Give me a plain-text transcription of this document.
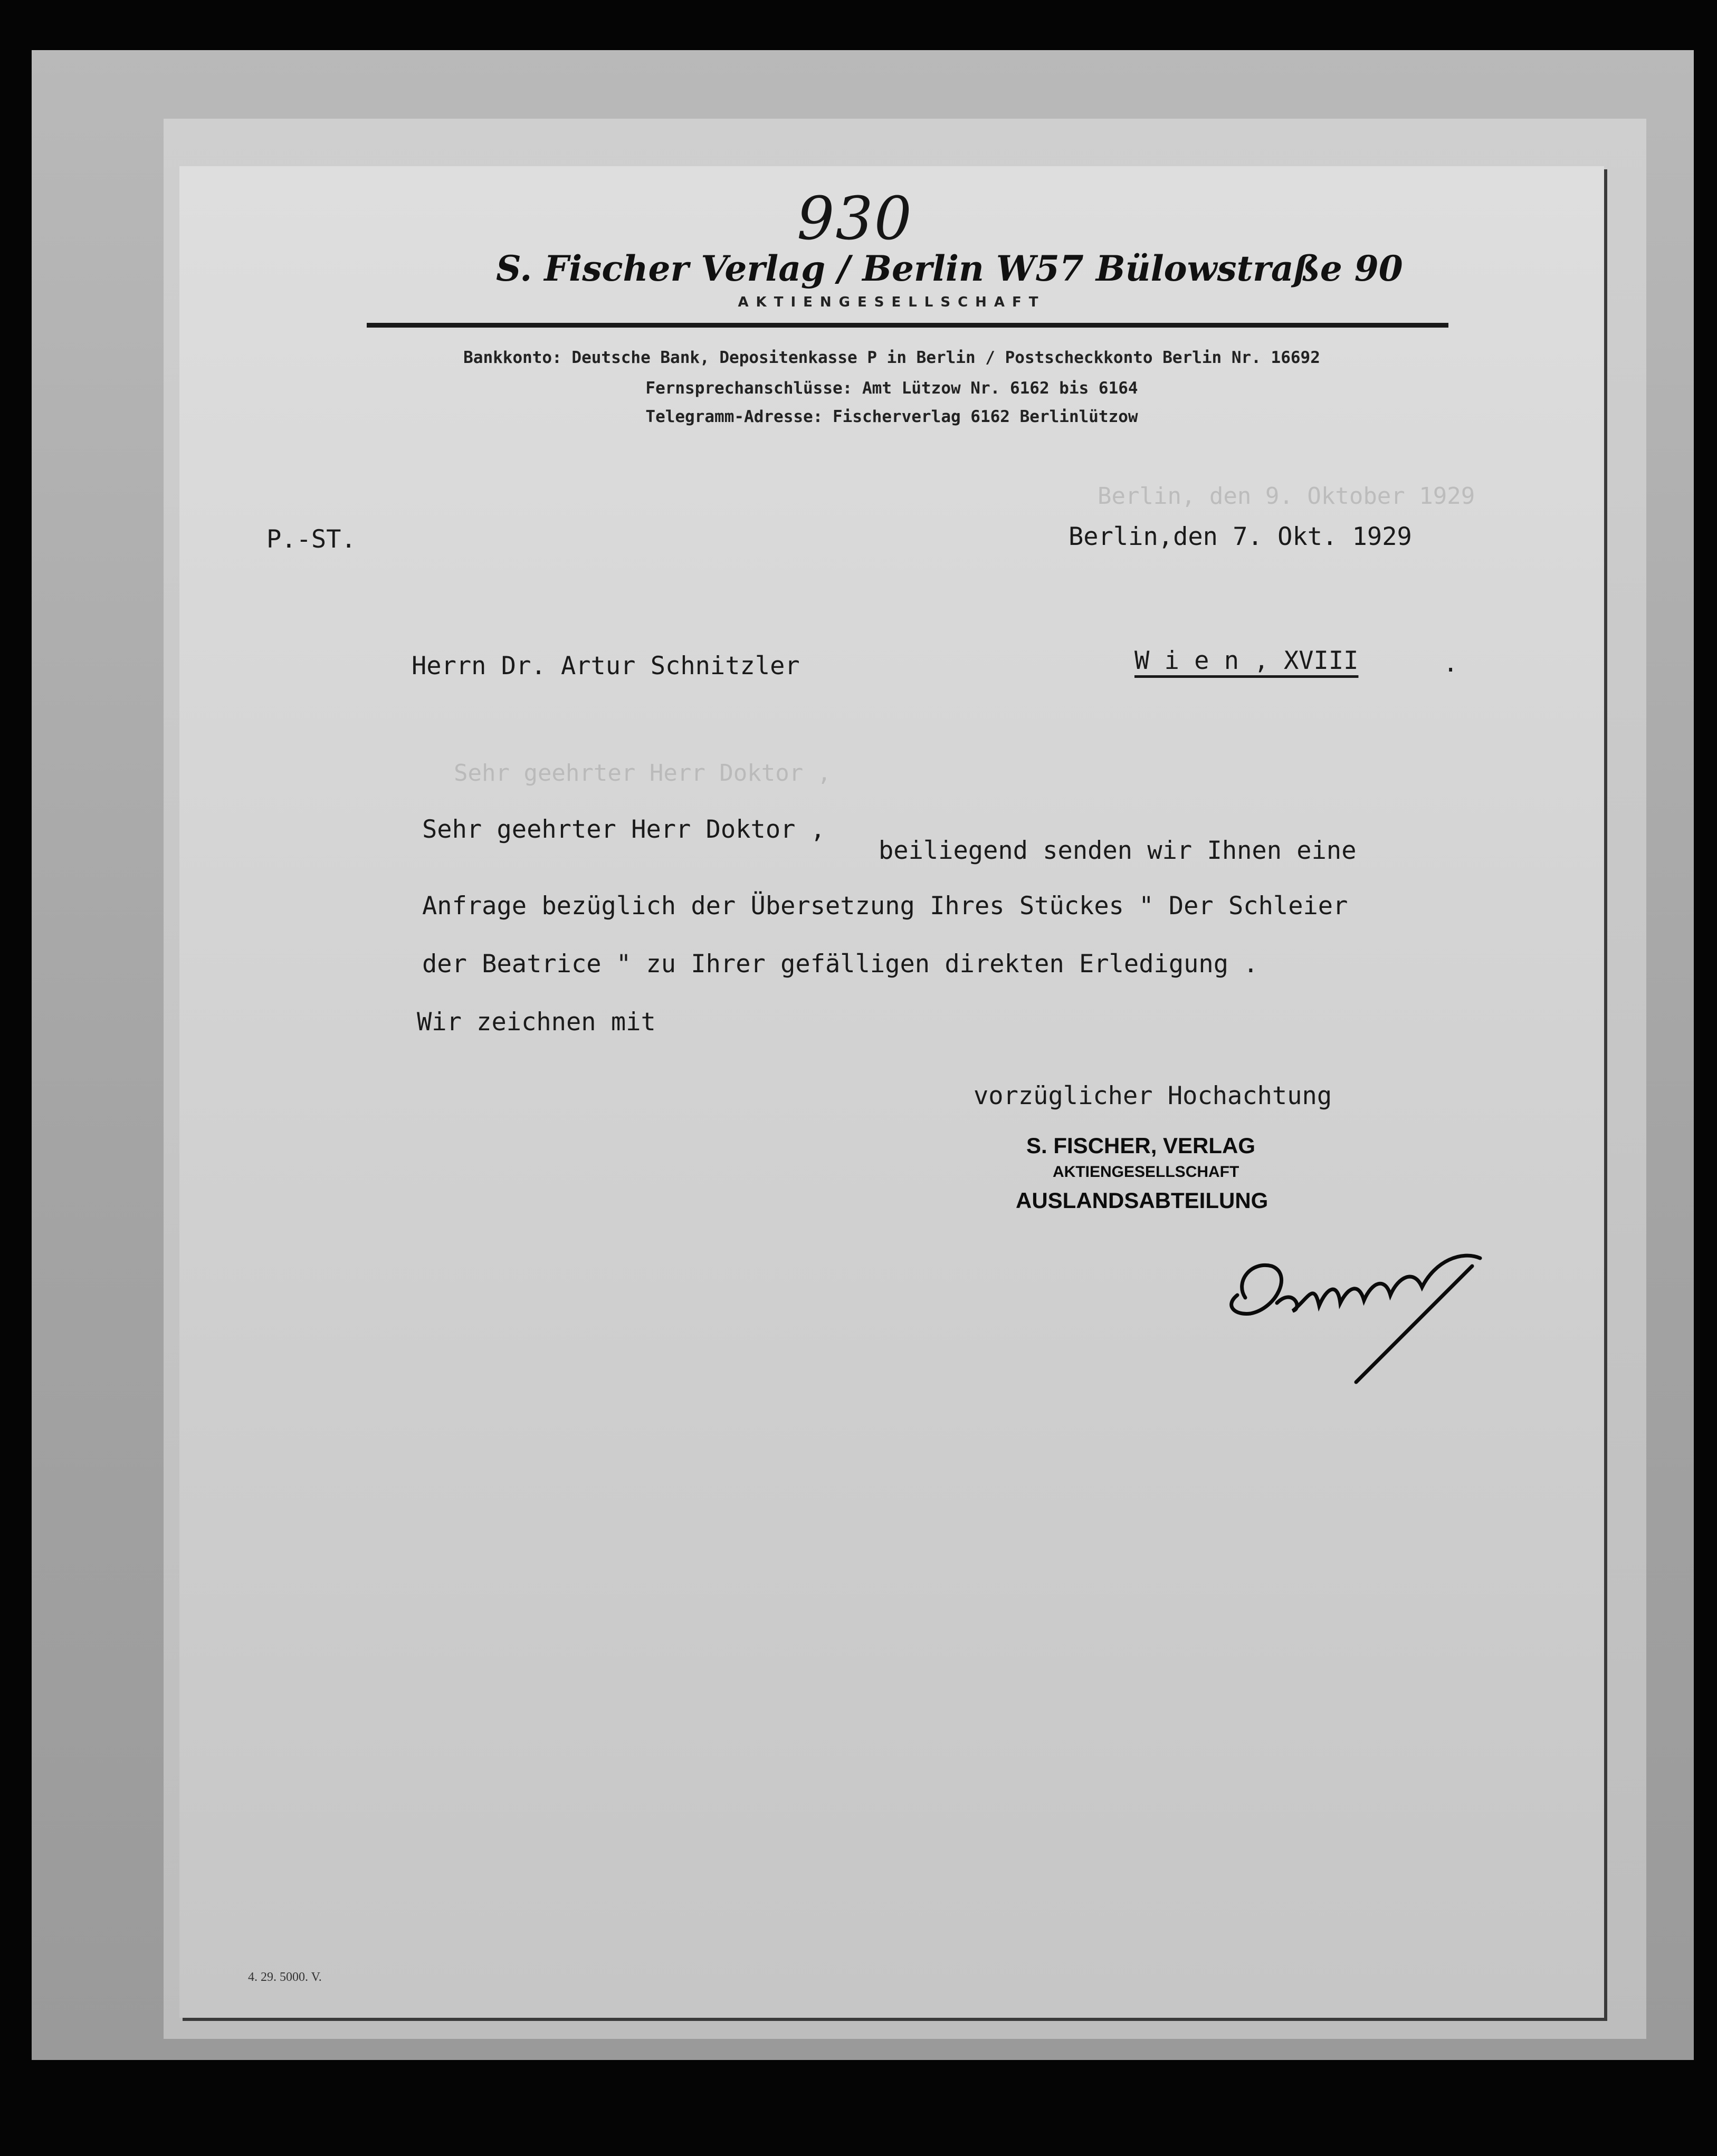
Berlin, den 9. Oktober 1929
Sehr geehrter Herr Doktor ,
930
S. Fischer Verlag / Berlin W57 Bülowstraße 90
AKTIENGESELLSCHAFT
Bankkonto: Deutsche Bank, Depositenkasse P in Berlin / Postscheckkonto Berlin Nr. 16692
Fernsprechanschlüsse: Amt Lützow Nr. 6162 bis 6164
Telegramm-Adresse: Fischerverlag 6162 Berlinlützow
P.-ST.	Berlin,den 7. Okt. 1929
Herrn Dr. Artur Schnitzler	W i e n , XVIII	.
Sehr geehrter Herr Doktor ,
beiliegend senden wir Ihnen eine
Anfrage bezüglich der Übersetzung Ihres Stückes " Der Schleier
der Beatrice " zu Ihrer gefälligen direkten Erledigung .
Wir zeichnen mit
vorzüglicher Hochachtung
S. FISCHER, VERLAG
AKTIENGESELLSCHAFT
AUSLANDSABTEILUNG
4. 29. 5000. V.
